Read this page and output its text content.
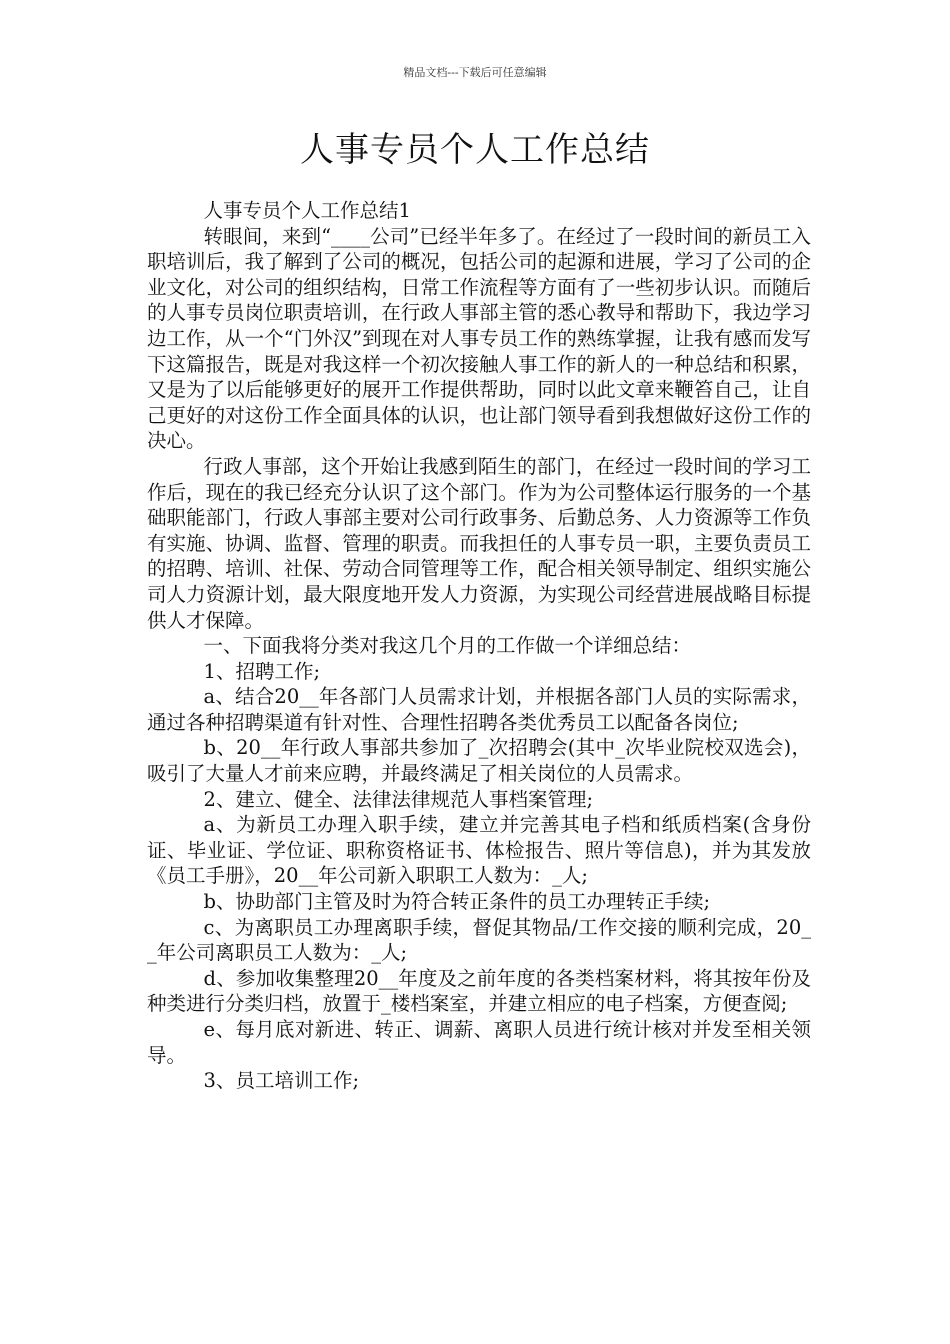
精品文档---下载后可任意编辑
人事专员个人工作总结

人事专员个人工作总结1

转眼间，来到“____公司”已经半年多了。在经过了一段时间的新员工入职培训后，我了解到了公司的概况，包括公司的起源和进展，学习了公司的企业文化，对公司的组织结构，日常工作流程等方面有了一些初步认识。而随后的人事专员岗位职责培训，在行政人事部主管的悉心教导和帮助下，我边学习边工作，从一个“门外汉”到现在对人事专员工作的熟练掌握，让我有感而发写下这篇报告，既是对我这样一个初次接触人事工作的新人的一种总结和积累，又是为了以后能够更好的展开工作提供帮助，同时以此文章来鞭笞自己，让自己更好的对这份工作全面具体的认识，也让部门领导看到我想做好这份工作的决心。

行政人事部，这个开始让我感到陌生的部门，在经过一段时间的学习工作后，现在的我已经充分认识了这个部门。作为为公司整体运行服务的一个基础职能部门，行政人事部主要对公司行政事务、后勤总务、人力资源等工作负有实施、协调、监督、管理的职责。而我担任的人事专员一职，主要负责员工的招聘、培训、社保、劳动合同管理等工作，配合相关领导制定、组织实施公司人力资源计划，最大限度地开发人力资源，为实现公司经营进展战略目标提供人才保障。

一、下面我将分类对我这几个月的工作做一个详细总结：

1、招聘工作;

a、结合20__年各部门人员需求计划，并根据各部门人员的实际需求，通过各种招聘渠道有针对性、合理性招聘各类优秀员工以配备各岗位;

b、20__年行政人事部共参加了_次招聘会(其中_次毕业院校双选会)，吸引了大量人才前来应聘，并最终满足了相关岗位的人员需求。

2、建立、健全、法律法律规范人事档案管理;

a、为新员工办理入职手续，建立并完善其电子档和纸质档案(含身份证、毕业证、学位证、职称资格证书、体检报告、照片等信息)，并为其发放《员工手册》，20__年公司新入职职工人数为：_人;

b、协助部门主管及时为符合转正条件的员工办理转正手续;

c、为离职员工办理离职手续，督促其物品/工作交接的顺利完成，20__年公司离职员工人数为：_人;

d、参加收集整理20__年度及之前年度的各类档案材料，将其按年份及种类进行分类归档，放置于_楼档案室，并建立相应的电子档案，方便查阅;

e、每月底对新进、转正、调薪、离职人员进行统计核对并发至相关领导。

3、员工培训工作;
